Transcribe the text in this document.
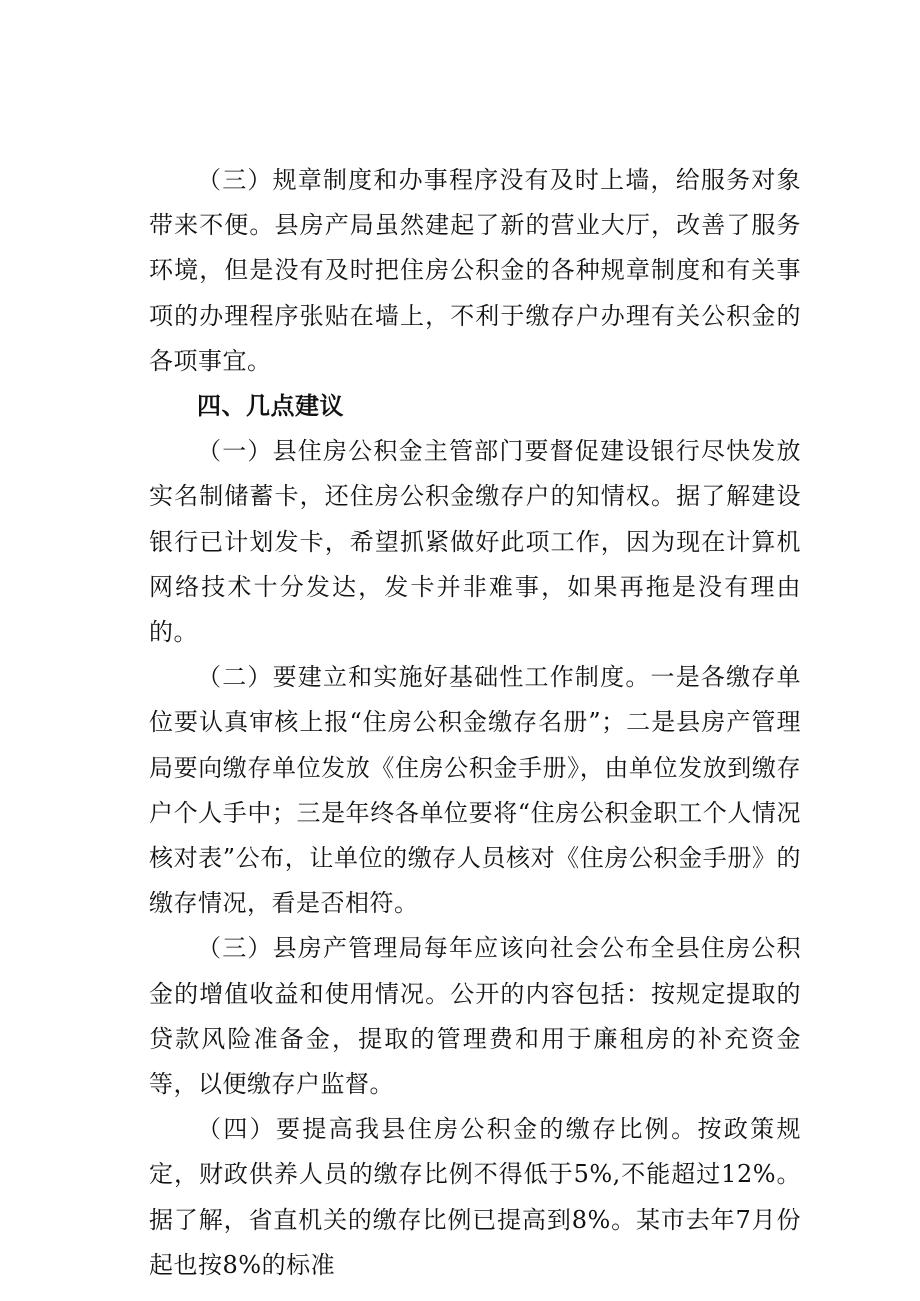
（三）规章制度和办事程序没有及时上墙，给服务对象带来不便。县房产局虽然建起了新的营业大厅，改善了服务环境，但是没有及时把住房公积金的各种规章制度和有关事项的办理程序张贴在墙上，不利于缴存户办理有关公积金的各项事宜。

四、几点建议

（一）县住房公积金主管部门要督促建设银行尽快发放实名制储蓄卡，还住房公积金缴存户的知情权。据了解建设银行已计划发卡，希望抓紧做好此项工作，因为现在计算机网络技术十分发达，发卡并非难事，如果再拖是没有理由的。

（二）要建立和实施好基础性工作制度。一是各缴存单位要认真审核上报“住房公积金缴存名册”；二是县房产管理局要向缴存单位发放《住房公积金手册》，由单位发放到缴存户个人手中；三是年终各单位要将“住房公积金职工个人情况核对表”公布，让单位的缴存人员核对《住房公积金手册》的缴存情况，看是否相符。

（三）县房产管理局每年应该向社会公布全县住房公积金的增值收益和使用情况。公开的内容包括：按规定提取的贷款风险准备金，提取的管理费和用于廉租房的补充资金等，以便缴存户监督。

（四）要提高我县住房公积金的缴存比例。按政策规定，财政供养人员的缴存比例不得低于5%,不能超过12%。据了解，省直机关的缴存比例已提高到8%。某市去年7月份起也按8%的标准
